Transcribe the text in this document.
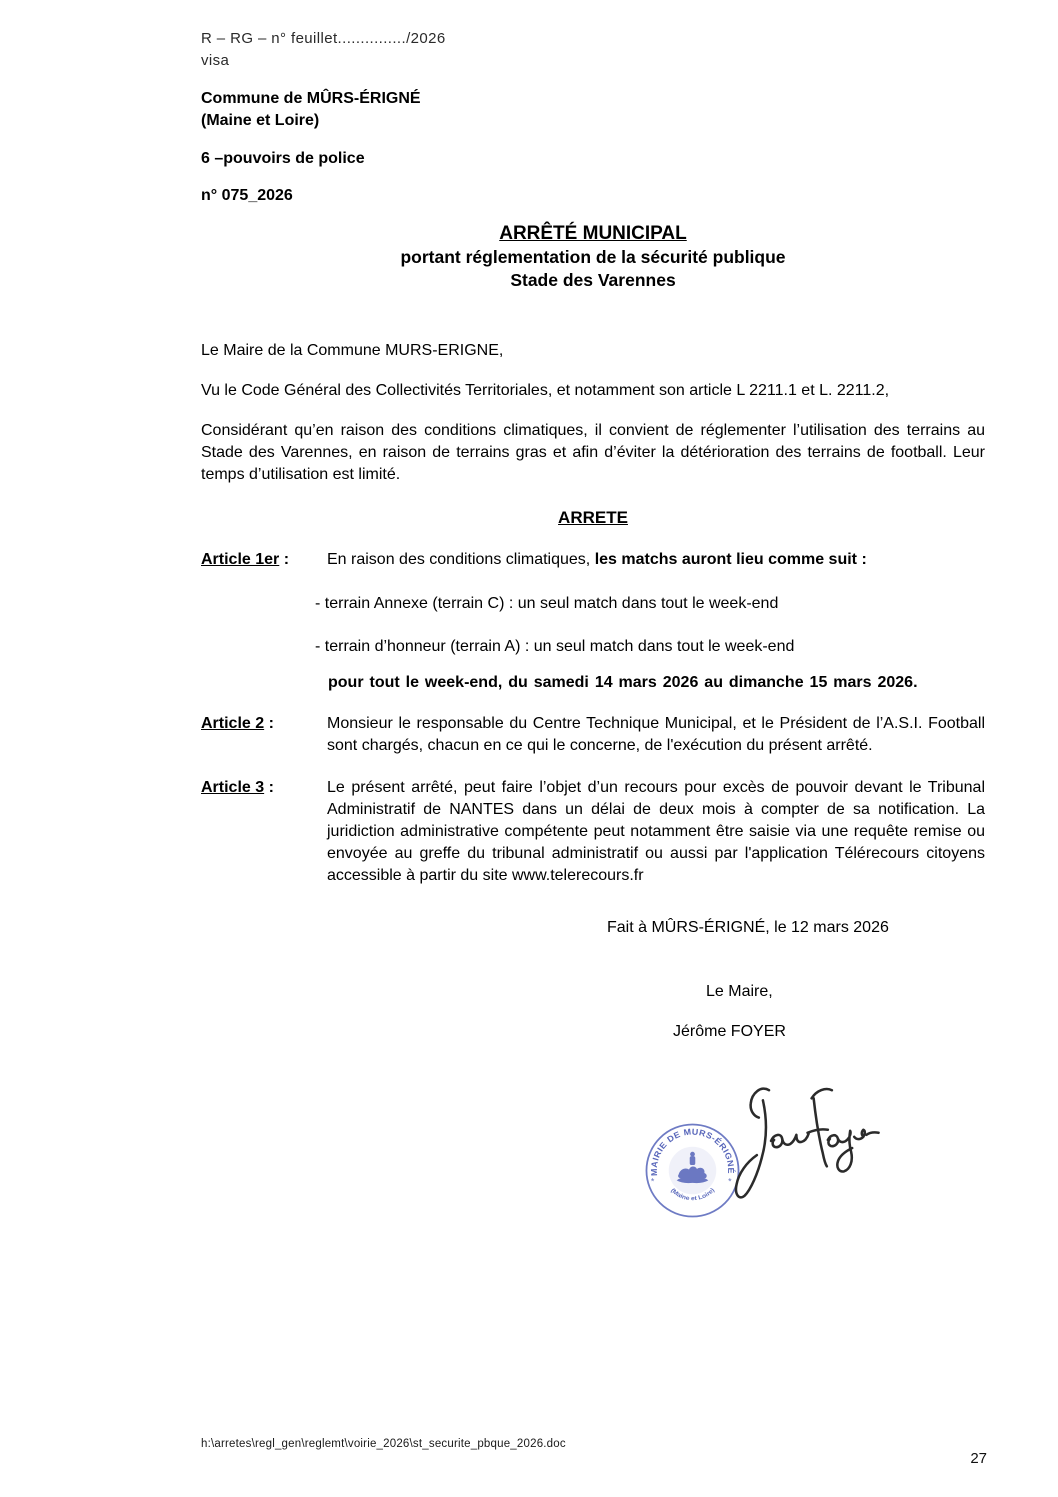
R – RG – n° feuillet.............../2026
visa
Commune de MÛRS-ÉRIGNÉ
(Maine et Loire)
6 –pouvoirs de police
n° 075_2026
ARRÊTÉ MUNICIPAL
portant réglementation de la sécurité publique
Stade des Varennes
Le Maire de la Commune MURS-ERIGNE,
Vu le Code Général des Collectivités Territoriales, et notamment son article L 2211.1 et L. 2211.2,
Considérant qu’en raison des conditions climatiques, il convient de réglementer l’utilisation des terrains au Stade des Varennes, en raison de terrains gras et afin d’éviter la détérioration des terrains de football. Leur temps d’utilisation est limité.
ARRETE
Article 1er :	En raison des conditions climatiques, les matchs auront lieu comme suit :
- terrain Annexe (terrain C) : un seul match dans tout le week-end
- terrain d’honneur (terrain A) : un seul match dans tout le week-end
pour tout le week-end, du samedi 14 mars 2026 au dimanche 15 mars 2026.
Article 2 :	Monsieur le responsable du Centre Technique Municipal, et le Président de l’A.S.I. Football sont chargés, chacun en ce qui le concerne, de l'exécution du présent arrêté.
Article 3 :	Le présent arrêté, peut faire l’objet d’un recours pour excès de pouvoir devant le Tribunal Administratif de NANTES dans un délai de deux mois à compter de sa notification. La juridiction administrative compétente peut notamment être saisie via une requête remise ou envoyée au greffe du tribunal administratif ou aussi par l'application Télérecours citoyens accessible à partir du site www.telerecours.fr
Fait à MÛRS-ÉRIGNÉ, le 12 mars 2026
Le Maire,
Jérôme FOYER
MAIRIE DE MURS-ÉRIGNÉ
(Maine et Loire)
*	*
h:\arretes\regl_gen\reglemt\voirie_2026\st_securite_pbque_2026.doc
27
